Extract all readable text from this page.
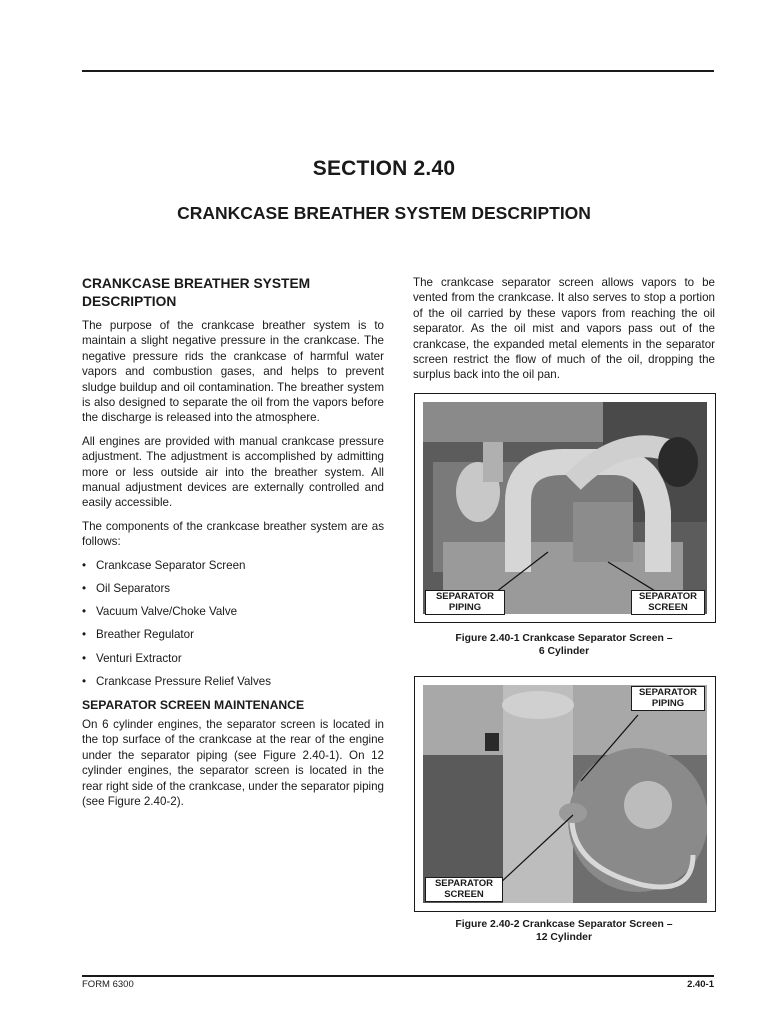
SECTION 2.40
CRANKCASE BREATHER SYSTEM DESCRIPTION
CRANKCASE BREATHER SYSTEM DESCRIPTION

The purpose of the crankcase breather system is to maintain a slight negative pressure in the crankcase. The negative pressure rids the crankcase of harmful water vapors and combustion gases, and helps to prevent sludge buildup and oil contamination. The breather system is also designed to separate the oil from the vapors before the discharge is released into the atmosphere.

All engines are provided with manual crankcase pressure adjustment. The adjustment is accomplished by admitting more or less outside air into the breather system. All manual adjustment devices are externally controlled and easily accessible.

The components of the crankcase breather system are as follows:

• Crankcase Separator Screen
• Oil Separators
• Vacuum Valve/Choke Valve
• Breather Regulator
• Venturi Extractor
• Crankcase Pressure Relief Valves
SEPARATOR SCREEN MAINTENANCE

On 6 cylinder engines, the separator screen is located in the top surface of the crankcase at the rear of the engine under the separator piping (see Figure 2.40-1). On 12 cylinder engines, the separator screen is located in the rear right side of the crankcase, under the separator piping (see Figure 2.40-2).

The crankcase separator screen allows vapors to be vented from the crankcase. It also serves to stop a portion of the oil carried by these vapors from reaching the oil separator. As the oil mist and vapors pass out of the crankcase, the expanded metal elements in the separator screen restrict the flow of much of the oil, dropping the surplus back into the oil pan.

SEPARATOR PIPING
SEPARATOR SCREEN
Figure 2.40-1 Crankcase Separator Screen –
6 Cylinder
SEPARATOR PIPING
SEPARATOR SCREEN
Figure 2.40-2 Crankcase Separator Screen –
12 Cylinder
FORM 6300	2.40-1
